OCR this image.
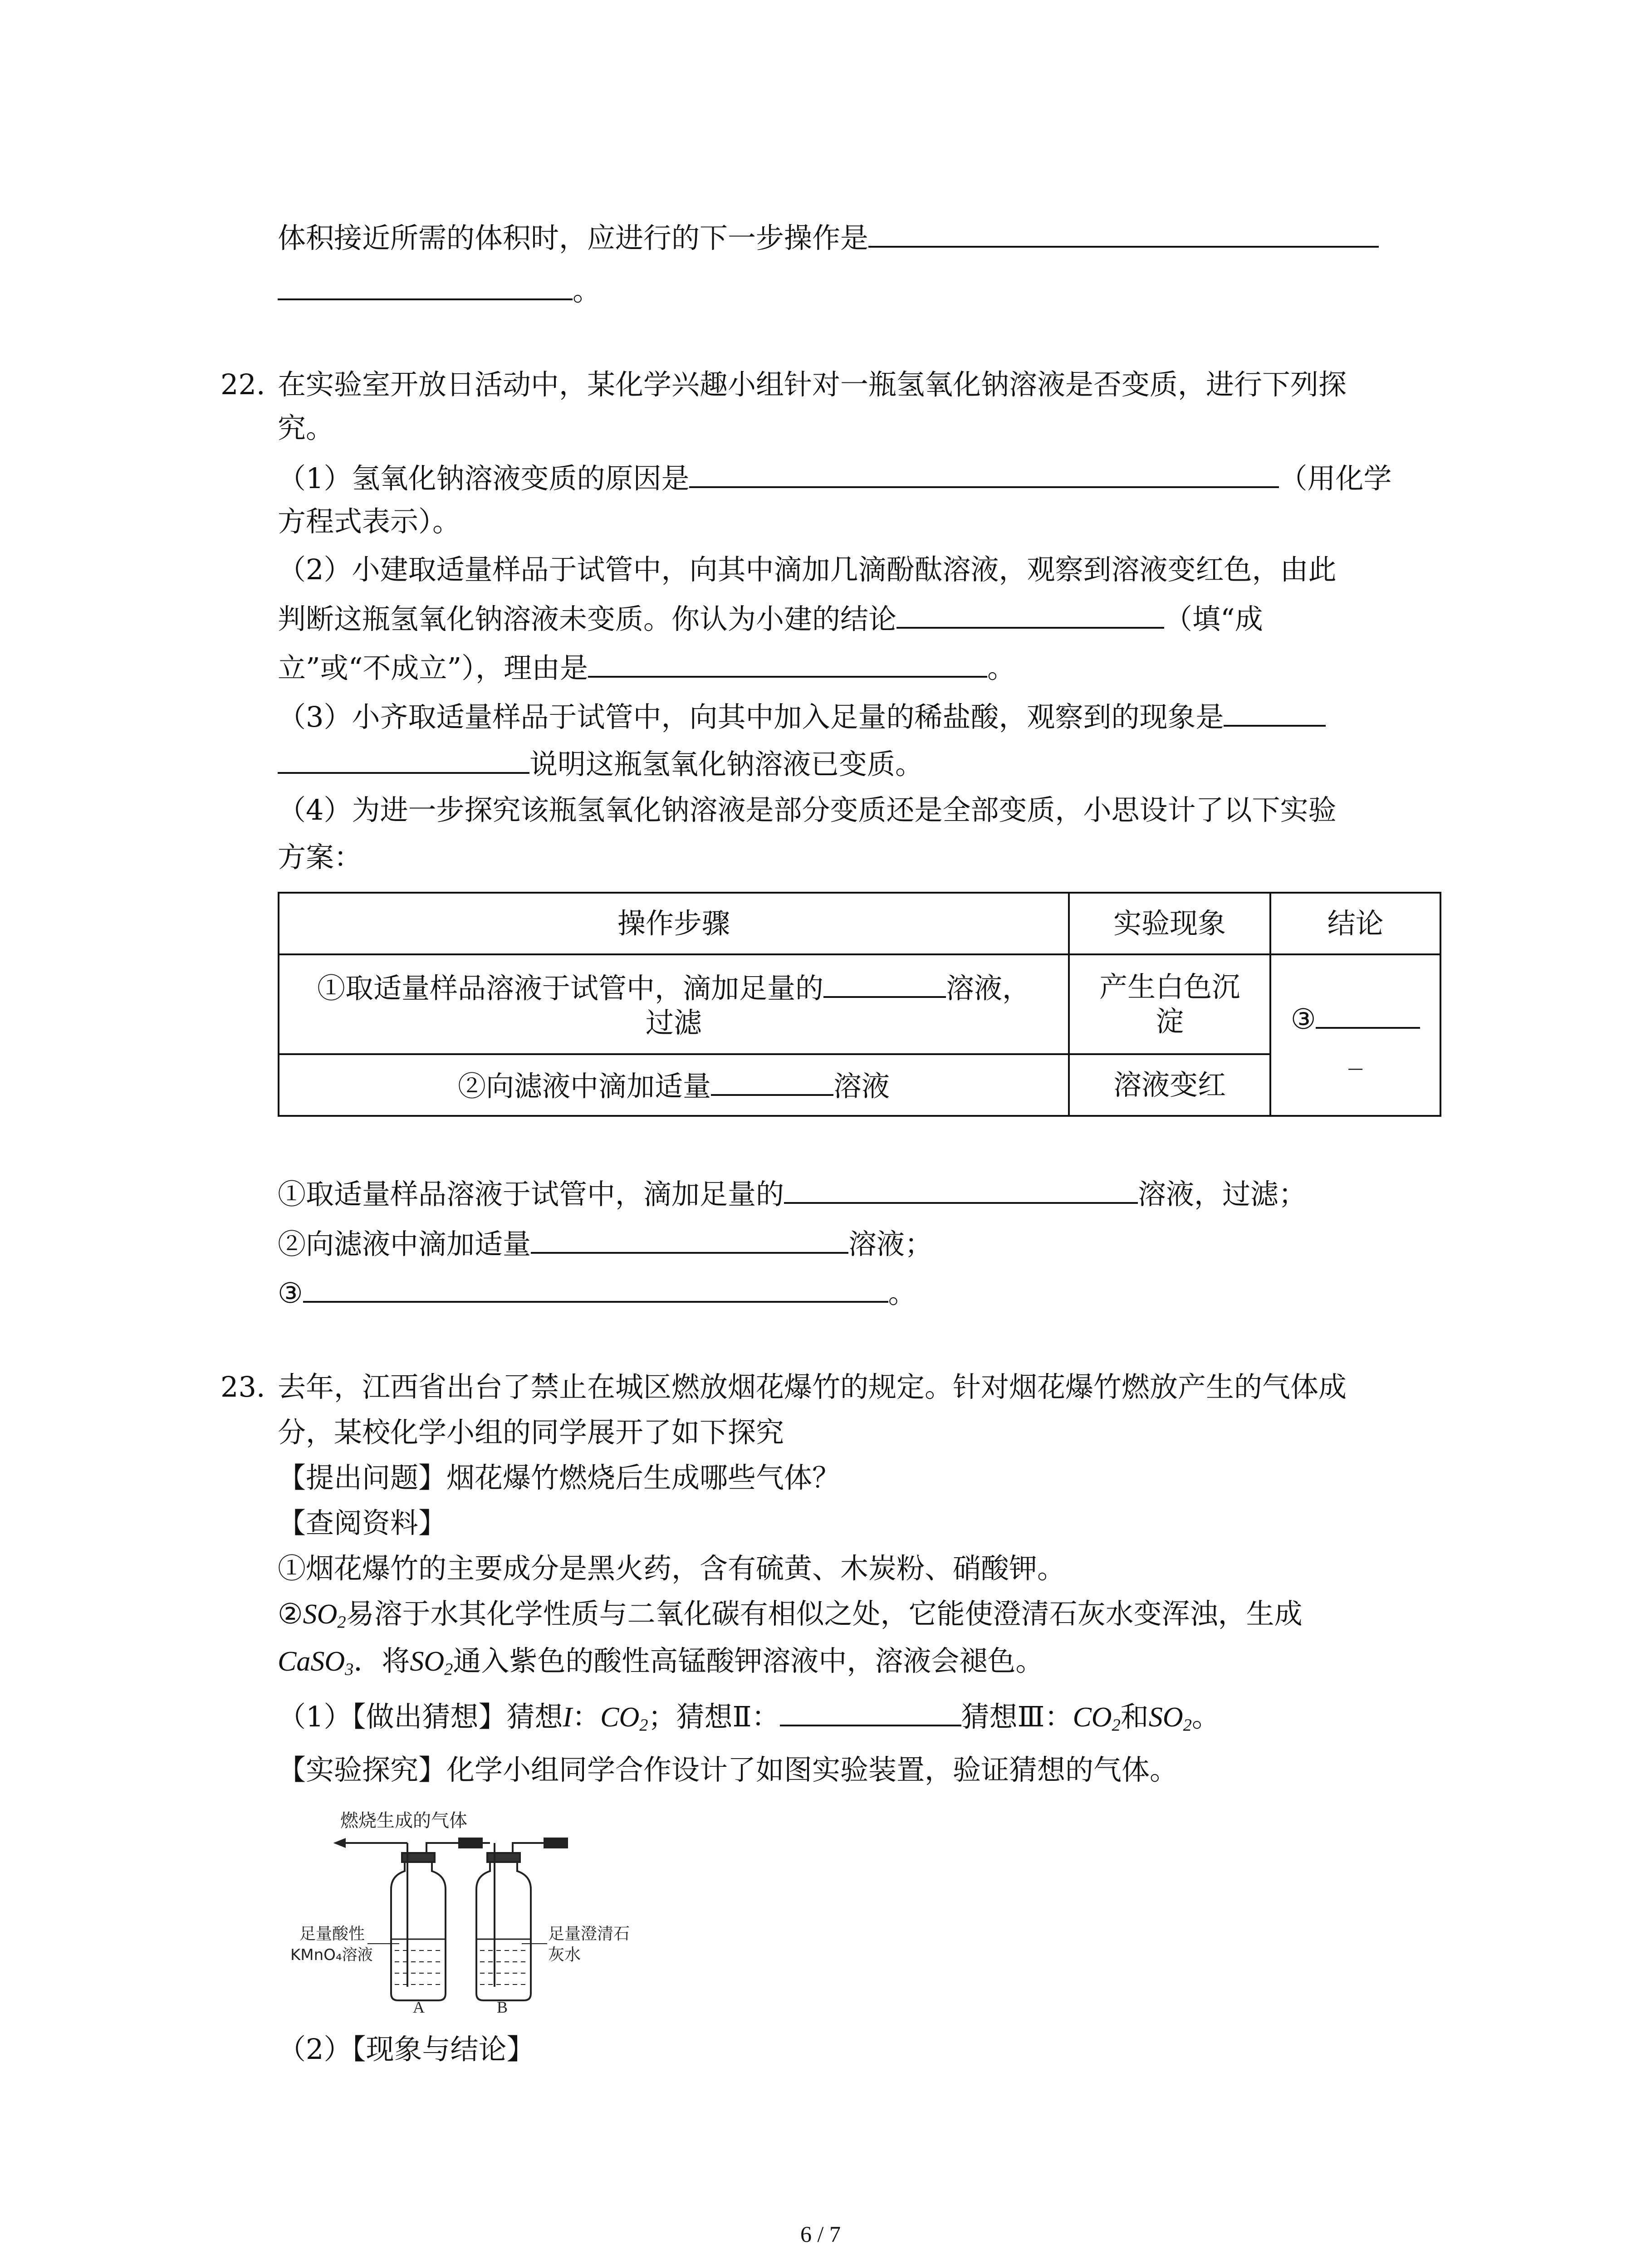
体积接近所需的体积时，应进行的下一步操作是
。
22. 在实验室开放日活动中，某化学兴趣小组针对一瓶氢氧化钠溶液是否变质，进行下列探
究。
（1）氢氧化钠溶液变质的原因是	（用化学
方程式表示）。
（2）小建取适量样品于试管中，向其中滴加几滴酚酞溶液，观察到溶液变红色，由此
判断这瓶氢氧化钠溶液未变质。你认为小建的结论	（填“成
立”或“不成立”），理由是	。
（3）小齐取适量样品于试管中，向其中加入足量的稀盐酸，观察到的现象是
说明这瓶氢氧化钠溶液已变质。
（4）为进一步探究该瓶氢氧化钠溶液是部分变质还是全部变质，小思设计了以下实验
方案：
操作步骤	实验现象	结论
①取适量样品溶液于试管中，滴加足量的 溶液，
过滤	产生白色沉
淀	③
_
②向滤液中滴加适量 溶液	溶液变红	
①取适量样品溶液于试管中，滴加足量的	溶液，过滤；
②向滤液中滴加适量	溶液；
③	。
23. 去年，江西省出台了禁止在城区燃放烟花爆竹的规定。针对烟花爆竹燃放产生的气体成
分，某校化学小组的同学展开了如下探究
【提出问题】烟花爆竹燃烧后生成哪些气体？
【查阅资料】
①烟花爆竹的主要成分是黑火药，含有硫黄、木炭粉、硝酸钾。
$②SO_2$易溶于水其化学性质与二氧化碳有相似之处，它能使澄清石灰水变浑浊，生成
CaSO$_3$．将$SO_2$通入紫色的酸性高锰酸钾溶液中，溶液会褪色。
（1）【做出猜想】猜想I：$CO_2$；猜想Ⅱ：	猜想Ⅲ：$CO_2$和$SO_2$。
【实验探究】化学小组同学合作设计了如图实验装置，验证猜想的气体。
燃烧生成的气体
足量酸性
KMnO₄溶液
足量澄清石
灰水
A	B
（2）【现象与结论】
6 / 7
